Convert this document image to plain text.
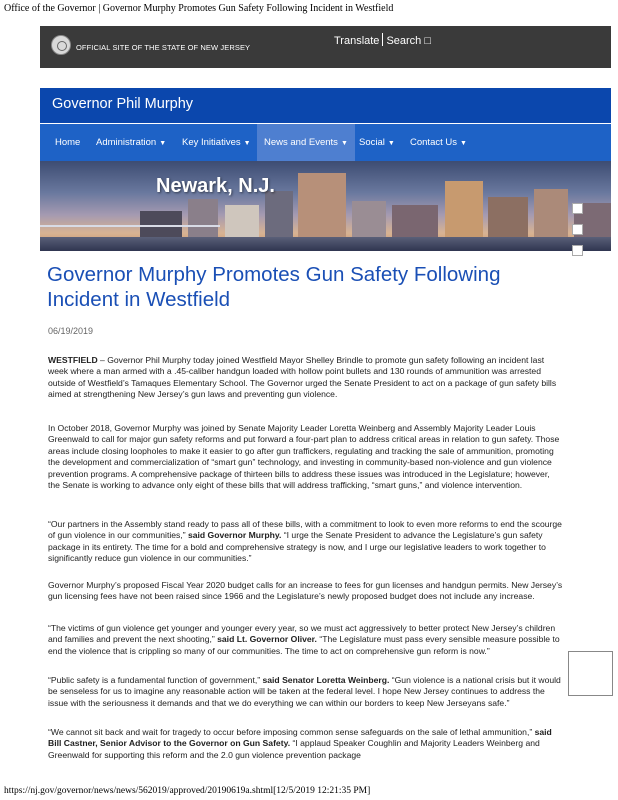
Office of the Governor | Governor Murphy Promotes Gun Safety Following Incident in Westfield
OFFICIAL SITE OF THE STATE OF NEW JERSEY
Translate Search □
Governor Phil Murphy
Home	Administration ▼	Key Initiatives ▼	News and Events ▼	Social ▼	Contact Us ▼
Newark, N.J.
Governor Murphy Promotes Gun Safety Following Incident in Westfield
06/19/2019
WESTFIELD – Governor Phil Murphy today joined Westfield Mayor Shelley Brindle to promote gun safety following an incident last week where a man armed with a .45-caliber handgun loaded with hollow point bullets and 130 rounds of ammunition was arrested outside of Westfield’s Tamaques Elementary School. The Governor urged the Senate President to act on a package of gun safety bills aimed at strengthening New Jersey’s gun laws and preventing gun violence.
In October 2018, Governor Murphy was joined by Senate Majority Leader Loretta Weinberg and Assembly Majority Leader Louis Greenwald to call for major gun safety reforms and put forward a four-part plan to address critical areas in relation to gun safety. Those areas include closing loopholes to make it easier to go after gun traffickers, regulating and tracking the sale of ammunition, promoting the development and commercialization of “smart gun” technology, and investing in community-based non-violence and gun violence prevention programs. A comprehensive package of thirteen bills to address these issues was introduced in the Legislature; however, the Senate is working to advance only eight of these bills that will address trafficking, “smart guns,” and violence intervention.
“Our partners in the Assembly stand ready to pass all of these bills, with a commitment to look to even more reforms to end the scourge of gun violence in our communities,” said Governor Murphy. “I urge the Senate President to advance the Legislature’s gun safety package in its entirety. The time for a bold and comprehensive strategy is now, and I urge our legislative leaders to work together to significantly reduce gun violence in our communities.”
Governor Murphy’s proposed Fiscal Year 2020 budget calls for an increase to fees for gun licenses and handgun permits. New Jersey’s gun licensing fees have not been raised since 1966 and the Legislature’s newly proposed budget does not include any increase.
“The victims of gun violence get younger and younger every year, so we must act aggressively to better protect New Jersey’s children and families and prevent the next shooting,” said Lt. Governor Oliver. “The Legislature must pass every sensible measure possible to end the violence that is crippling so many of our communities. The time to act on comprehensive gun reform is now.”
“Public safety is a fundamental function of government,” said Senator Loretta Weinberg. “Gun violence is a national crisis but it would be senseless for us to imagine any reasonable action will be taken at the federal level. I hope New Jersey continues to address the issue with the seriousness it demands and that we do everything we can within our borders to keep New Jerseyans safe.”
“We cannot sit back and wait for tragedy to occur before imposing common sense safeguards on the sale of lethal ammunition,” said Bill Castner, Senior Advisor to the Governor on Gun Safety. “I applaud Speaker Coughlin and Majority Leaders Weinberg and Greenwald for supporting this reform and the 2.0 gun violence prevention package
https://nj.gov/governor/news/news/562019/approved/20190619a.shtml[12/5/2019 12:21:35 PM]
